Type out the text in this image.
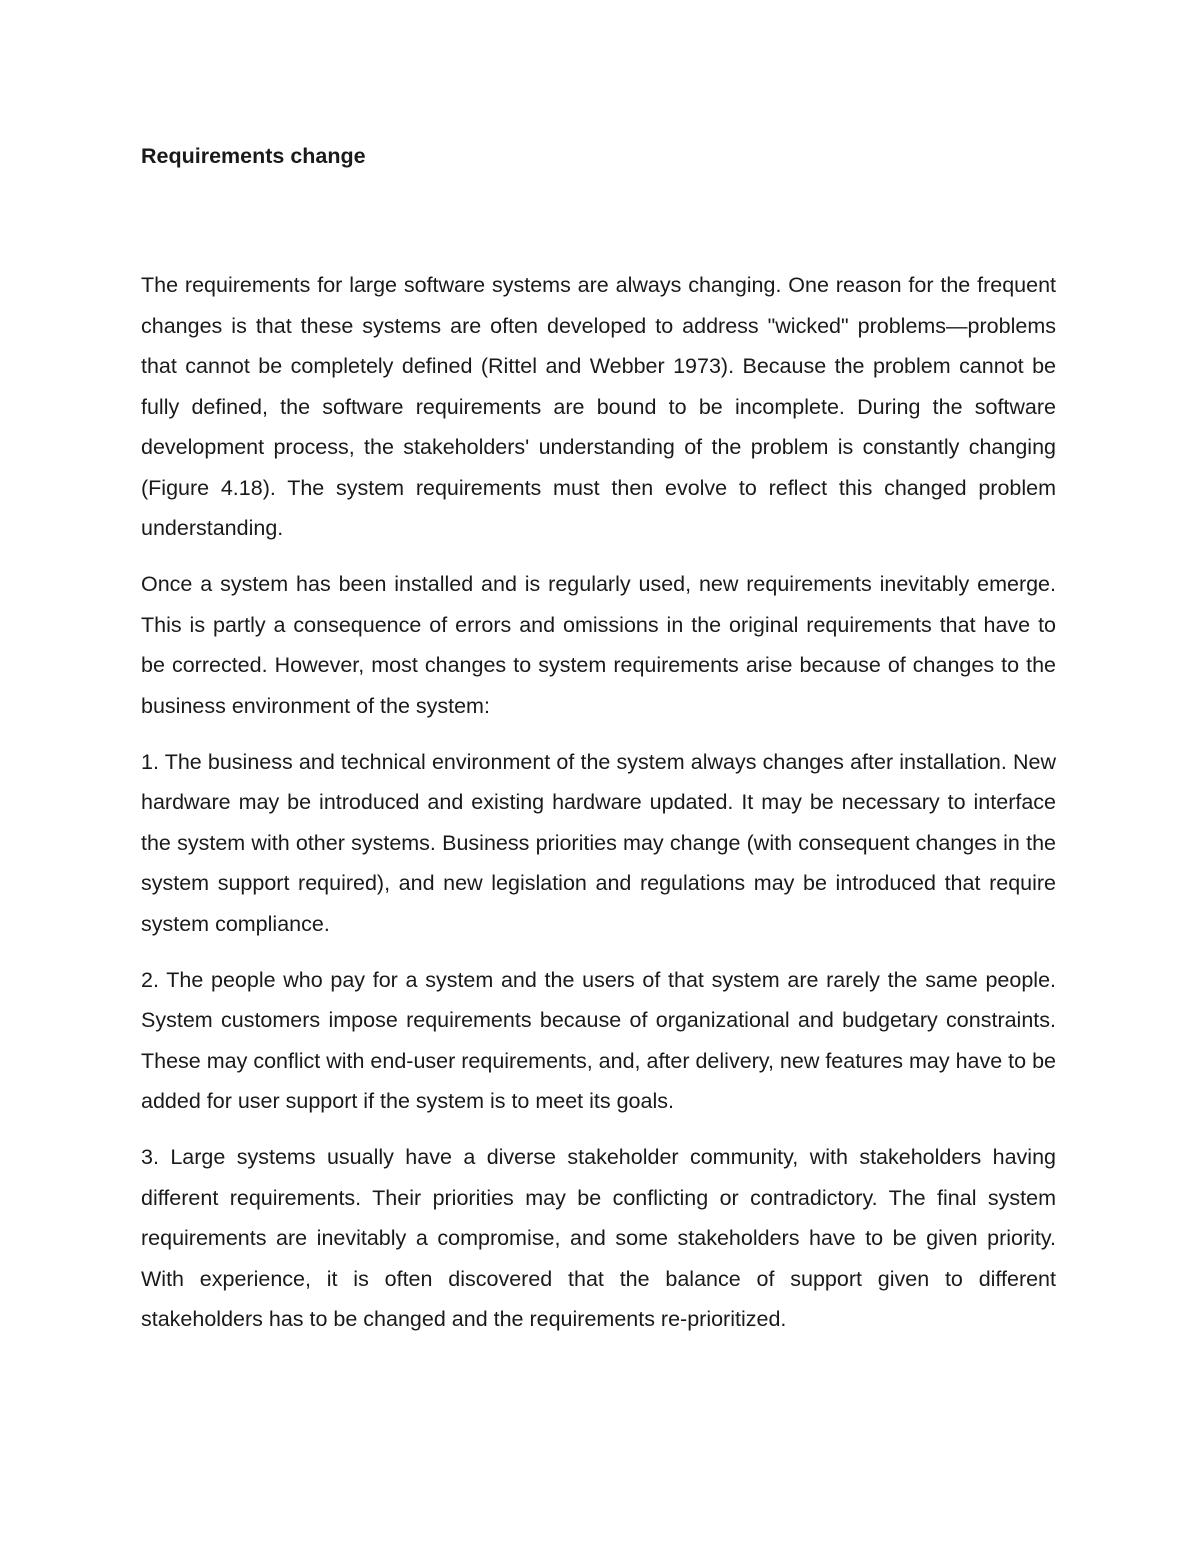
Requirements change

The requirements for large software systems are always changing. One reason for the frequent changes is that these systems are often developed to address "wicked" problems—problems that cannot be completely defined (Rittel and Webber 1973). Because the problem cannot be fully defined, the software requirements are bound to be incomplete. During the software development process, the stakeholders' understanding of the problem is constantly changing (Figure 4.18). The system requirements must then evolve to reflect this changed problem understanding.

Once a system has been installed and is regularly used, new requirements inevitably emerge. This is partly a consequence of errors and omissions in the original requirements that have to be corrected. However, most changes to system requirements arise because of changes to the business environment of the system:

1. The business and technical environment of the system always changes after installation. New hardware may be introduced and existing hardware updated. It may be necessary to interface the system with other systems. Business priorities may change (with consequent changes in the system support required), and new legislation and regulations may be introduced that require system compliance.

2. The people who pay for a system and the users of that system are rarely the same people. System customers impose requirements because of organizational and budgetary constraints. These may conflict with end-user requirements, and, after delivery, new features may have to be added for user support if the system is to meet its goals.

3. Large systems usually have a diverse stakeholder community, with stakeholders having different requirements. Their priorities may be conflicting or contradictory. The final system requirements are inevitably a compromise, and some stakeholders have to be given priority. With experience, it is often discovered that the balance of support given to different stakeholders has to be changed and the requirements re-prioritized.
